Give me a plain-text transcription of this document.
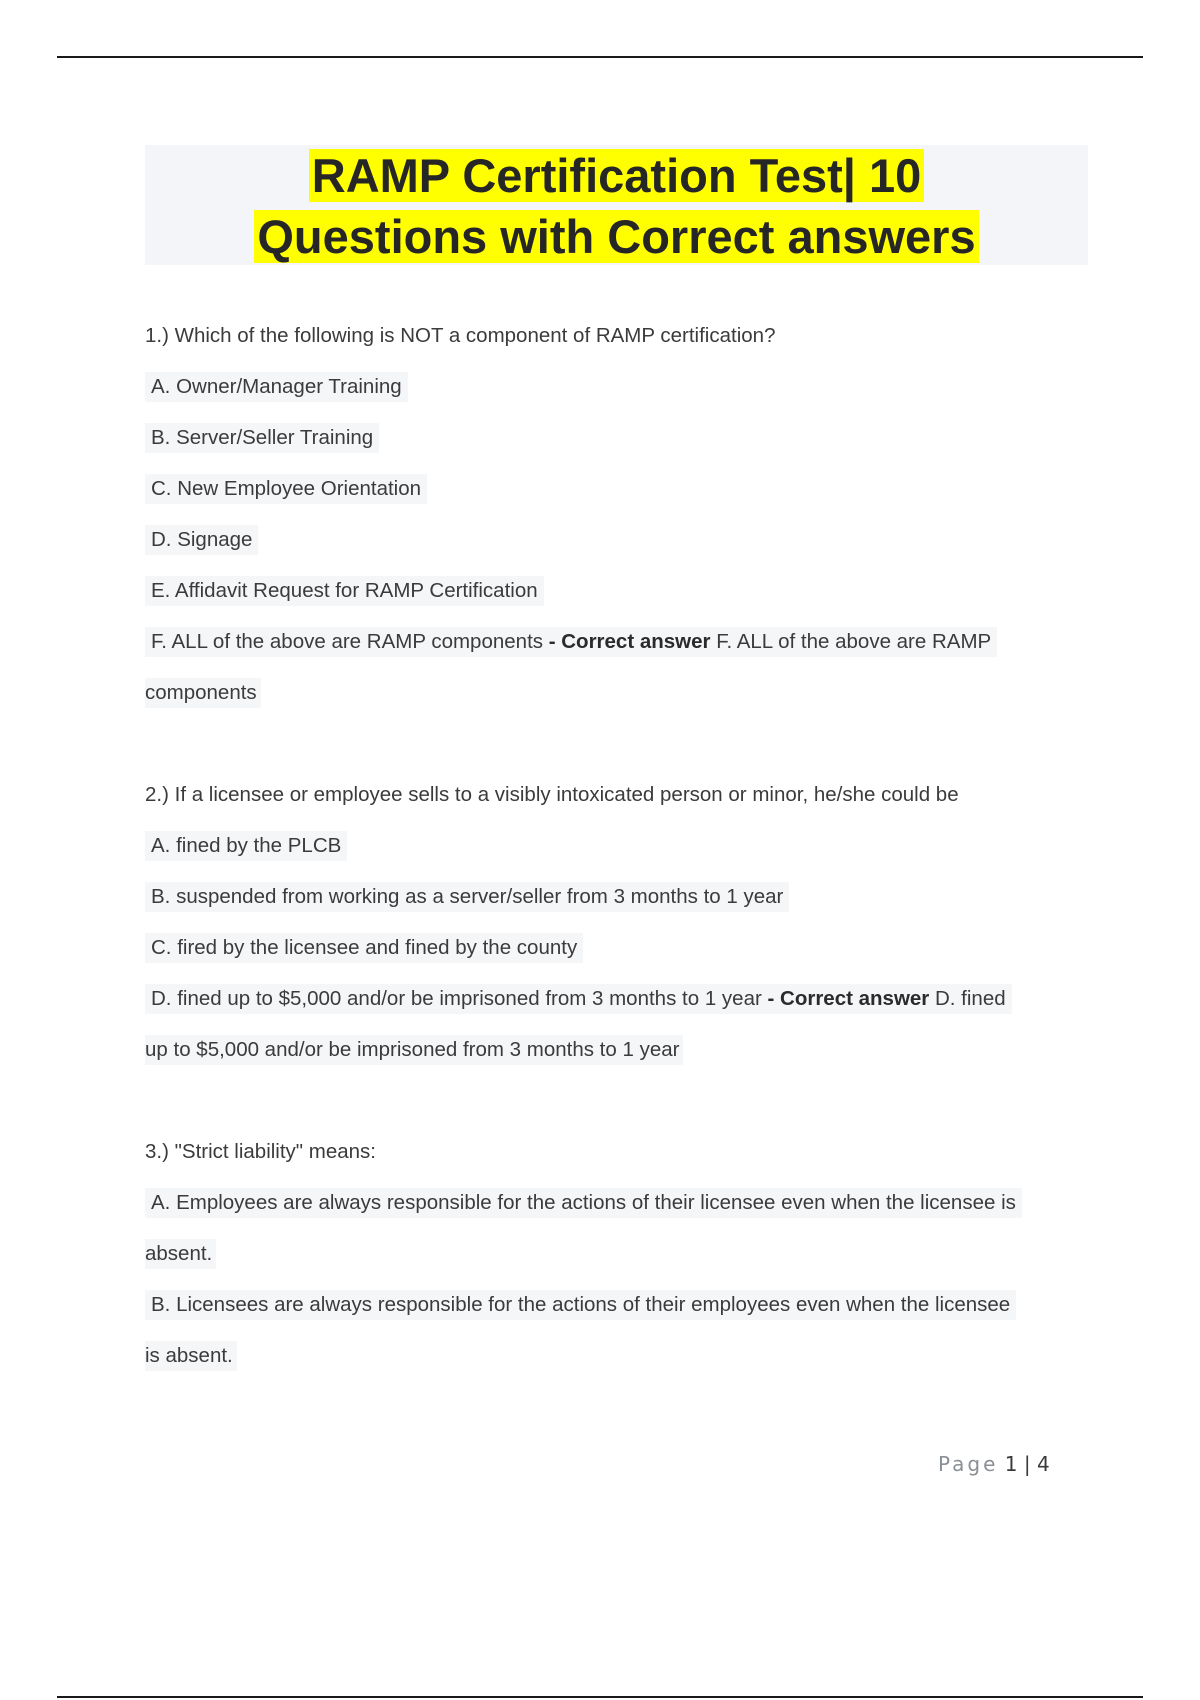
RAMP Certification Test| 10
Questions with Correct answers
1.) Which of the following is NOT a component of RAMP certification?
A. Owner/Manager Training
B. Server/Seller Training
C. New Employee Orientation
D. Signage
E. Affidavit Request for RAMP Certification
F. ALL of the above are RAMP components - Correct answer F. ALL of the above are RAMP
components
2.) If a licensee or employee sells to a visibly intoxicated person or minor, he/she could be
A. fined by the PLCB
B. suspended from working as a server/seller from 3 months to 1 year
C. fired by the licensee and fined by the county
D. fined up to $5,000 and/or be imprisoned from 3 months to 1 year - Correct answer D. fined
up to $5,000 and/or be imprisoned from 3 months to 1 year
3.) "Strict liability" means:
A. Employees are always responsible for the actions of their licensee even when the licensee is
absent.
B. Licensees are always responsible for the actions of their employees even when the licensee
is absent.
Page 1 | 4
